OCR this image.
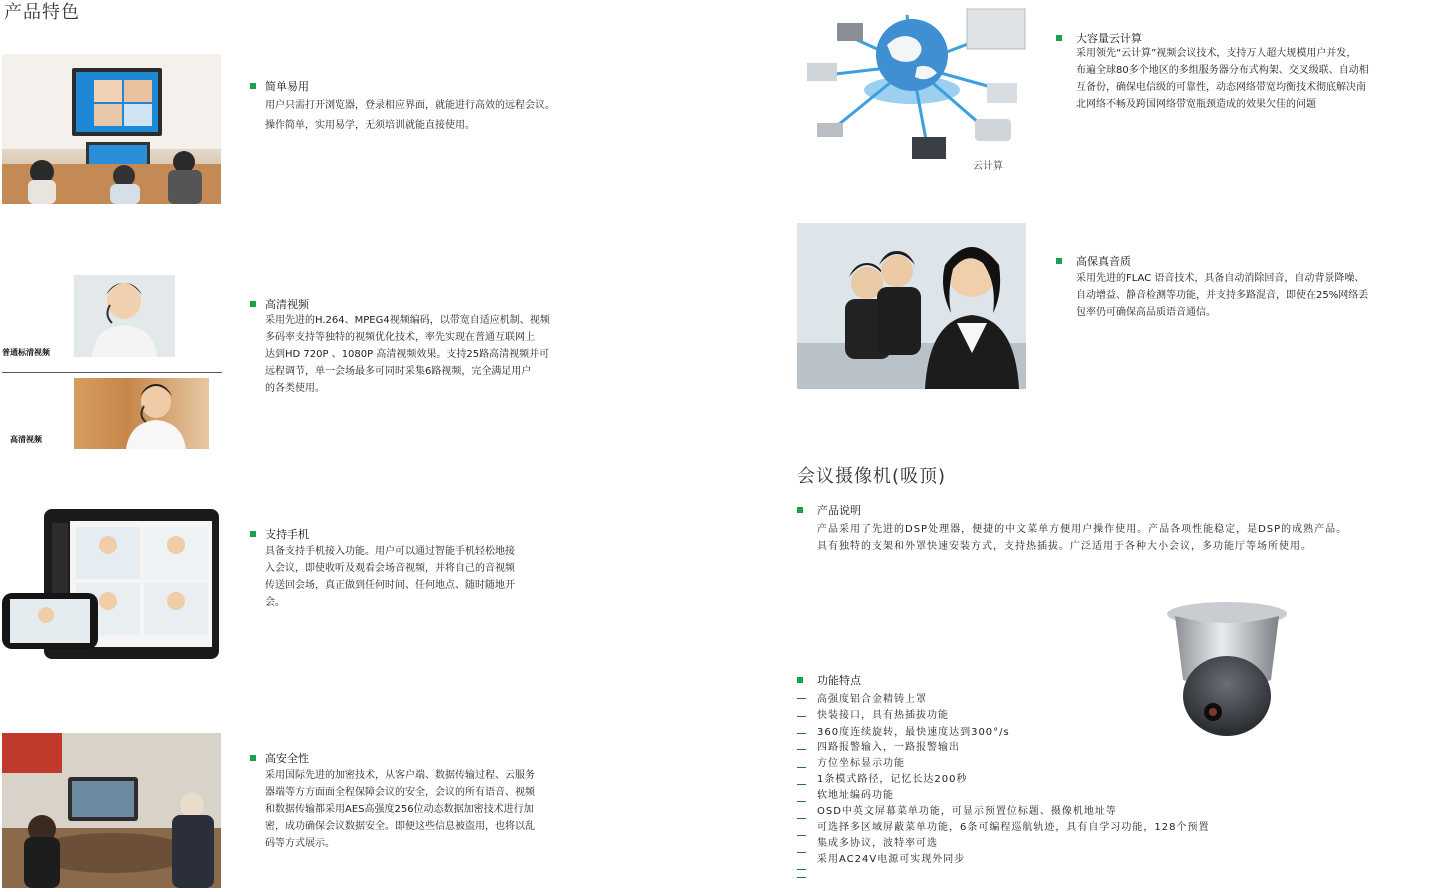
产品特色
简单易用
用户只需打开浏览器，登录相应界面，就能进行高效的远程会议。
操作简单，实用易学，无须培训就能直接使用。
普通标清视频
高清视频
高清视频
采用先进的H.264、MPEG4视频编码，以带宽自适应机制、视频
多码率支持等独特的视频优化技术，率先实现在普通互联网上
达到HD 720P 、1080P 高清视频效果。支持25路高清视频并可
远程调节，单一会场最多可同时采集6路视频，完全满足用户
的各类使用。
支持手机
具备支持手机接入功能。用户可以通过智能手机轻松地接
入会议，即使收听及观看会场音视频，并将自己的音视频
传送回会场，真正做到任何时间、任何地点、随时随地开
会。
高安全性
采用国际先进的加密技术，从客户端、数据传输过程、云服务
器端等方方面面全程保障会议的安全，会议的所有语音、视频
和数据传输都采用AES高强度256位动态数据加密技术进行加
密，成功确保会议数据安全。即便这些信息被盗用，也将以乱
码等方式展示。
云计算
大容量云计算
采用领先“云计算”视频会议技术，支持万人超大规模用户并发，
布遍全球80多个地区的多组服务器分布式构架、交叉级联、自动相
互备份，确保电信级的可靠性，动态网络带宽均衡技术彻底解决南
北网络不畅及跨国网络带宽瓶颈造成的效果欠佳的问题
高保真音质
采用先进的FLAC 语音技术，具备自动消除回音，自动背景降噪、
自动增益、静音检测等功能，并支持多路混音，即使在25%网络丢
包率仍可确保高品质语音通信。
会议摄像机(吸顶)
产品说明
产品采用了先进的DSP处理器，便捷的中文菜单方便用户操作使用。产品各项性能稳定，是DSP的成熟产品。
具有独特的支架和外罩快速安装方式，支持热插拔。广泛适用于各种大小会议，多功能厅等场所使用。
功能特点
高强度铝合金精铸上罩
快装接口，具有热插拔功能
360度连续旋转，最快速度达到300°/s
四路报警输入，一路报警输出
方位坐标显示功能
1条模式路径，记忆长达200秒
软地址编码功能
OSD中英文屏幕菜单功能，可显示预置位标题、摄像机地址等
可选择多区域屏蔽菜单功能，6条可编程巡航轨迹，具有自学习功能，128个预置
集成多协议，波特率可选
采用AC24V电源可实现外同步
